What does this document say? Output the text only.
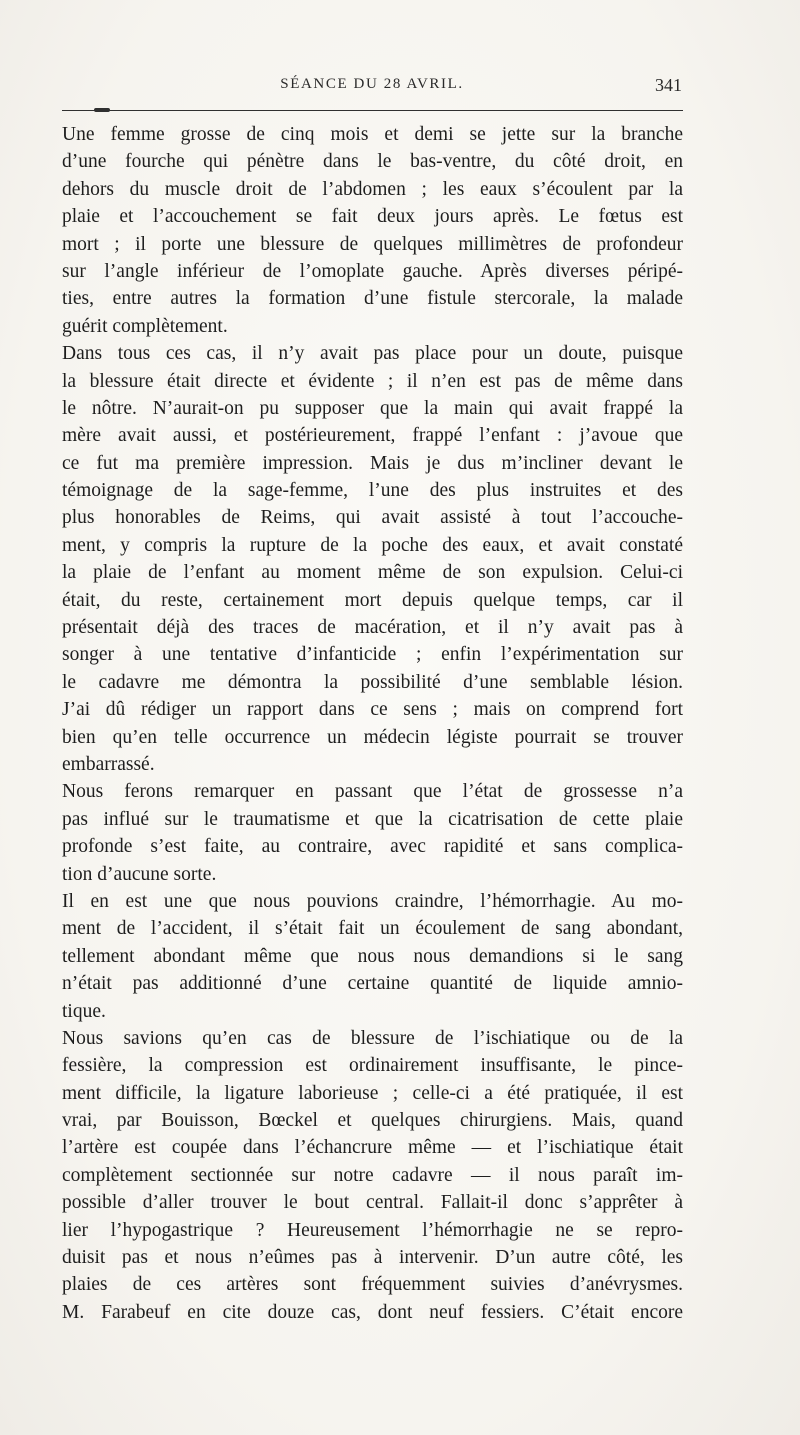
SÉANCE DU 28 AVRIL.	341
Une femme grosse de cinq mois et demi se jette sur la branche
d’une fourche qui pénètre dans le bas-ventre, du côté droit, en
dehors du muscle droit de l’abdomen ; les eaux s’écoulent par la
plaie et l’accouchement se fait deux jours après. Le fœtus est
mort ; il porte une blessure de quelques millimètres de profondeur
sur l’angle inférieur de l’omoplate gauche. Après diverses péripé-
ties, entre autres la formation d’une fistule stercorale, la malade
guérit complètement.
Dans tous ces cas, il n’y avait pas place pour un doute, puisque
la blessure était directe et évidente ; il n’en est pas de même dans
le nôtre. N’aurait-on pu supposer que la main qui avait frappé la
mère avait aussi, et postérieurement, frappé l’enfant : j’avoue que
ce fut ma première impression. Mais je dus m’incliner devant le
témoignage de la sage-femme, l’une des plus instruites et des
plus honorables de Reims, qui avait assisté à tout l’accouche-
ment, y compris la rupture de la poche des eaux, et avait constaté
la plaie de l’enfant au moment même de son expulsion. Celui-ci
était, du reste, certainement mort depuis quelque temps, car il
présentait déjà des traces de macération, et il n’y avait pas à
songer à une tentative d’infanticide ; enfin l’expérimentation sur
le cadavre me démontra la possibilité d’une semblable lésion.
J’ai dû rédiger un rapport dans ce sens ; mais on comprend fort
bien qu’en telle occurrence un médecin légiste pourrait se trouver
embarrassé.
Nous ferons remarquer en passant que l’état de grossesse n’a
pas influé sur le traumatisme et que la cicatrisation de cette plaie
profonde s’est faite, au contraire, avec rapidité et sans complica-
tion d’aucune sorte.
Il en est une que nous pouvions craindre, l’hémorrhagie. Au mo-
ment de l’accident, il s’était fait un écoulement de sang abondant,
tellement abondant même que nous nous demandions si le sang
n’était pas additionné d’une certaine quantité de liquide amnio-
tique.
Nous savions qu’en cas de blessure de l’ischiatique ou de la
fessière, la compression est ordinairement insuffisante, le pince-
ment difficile, la ligature laborieuse ; celle-ci a été pratiquée, il est
vrai, par Bouisson, Bœckel et quelques chirurgiens. Mais, quand
l’artère est coupée dans l’échancrure même — et l’ischiatique était
complètement sectionnée sur notre cadavre — il nous paraît im-
possible d’aller trouver le bout central. Fallait-il donc s’apprêter à
lier l’hypogastrique ? Heureusement l’hémorrhagie ne se repro-
duisit pas et nous n’eûmes pas à intervenir. D’un autre côté, les
plaies de ces artères sont fréquemment suivies d’anévrysmes.
M. Farabeuf en cite douze cas, dont neuf fessiers. C’était encore
